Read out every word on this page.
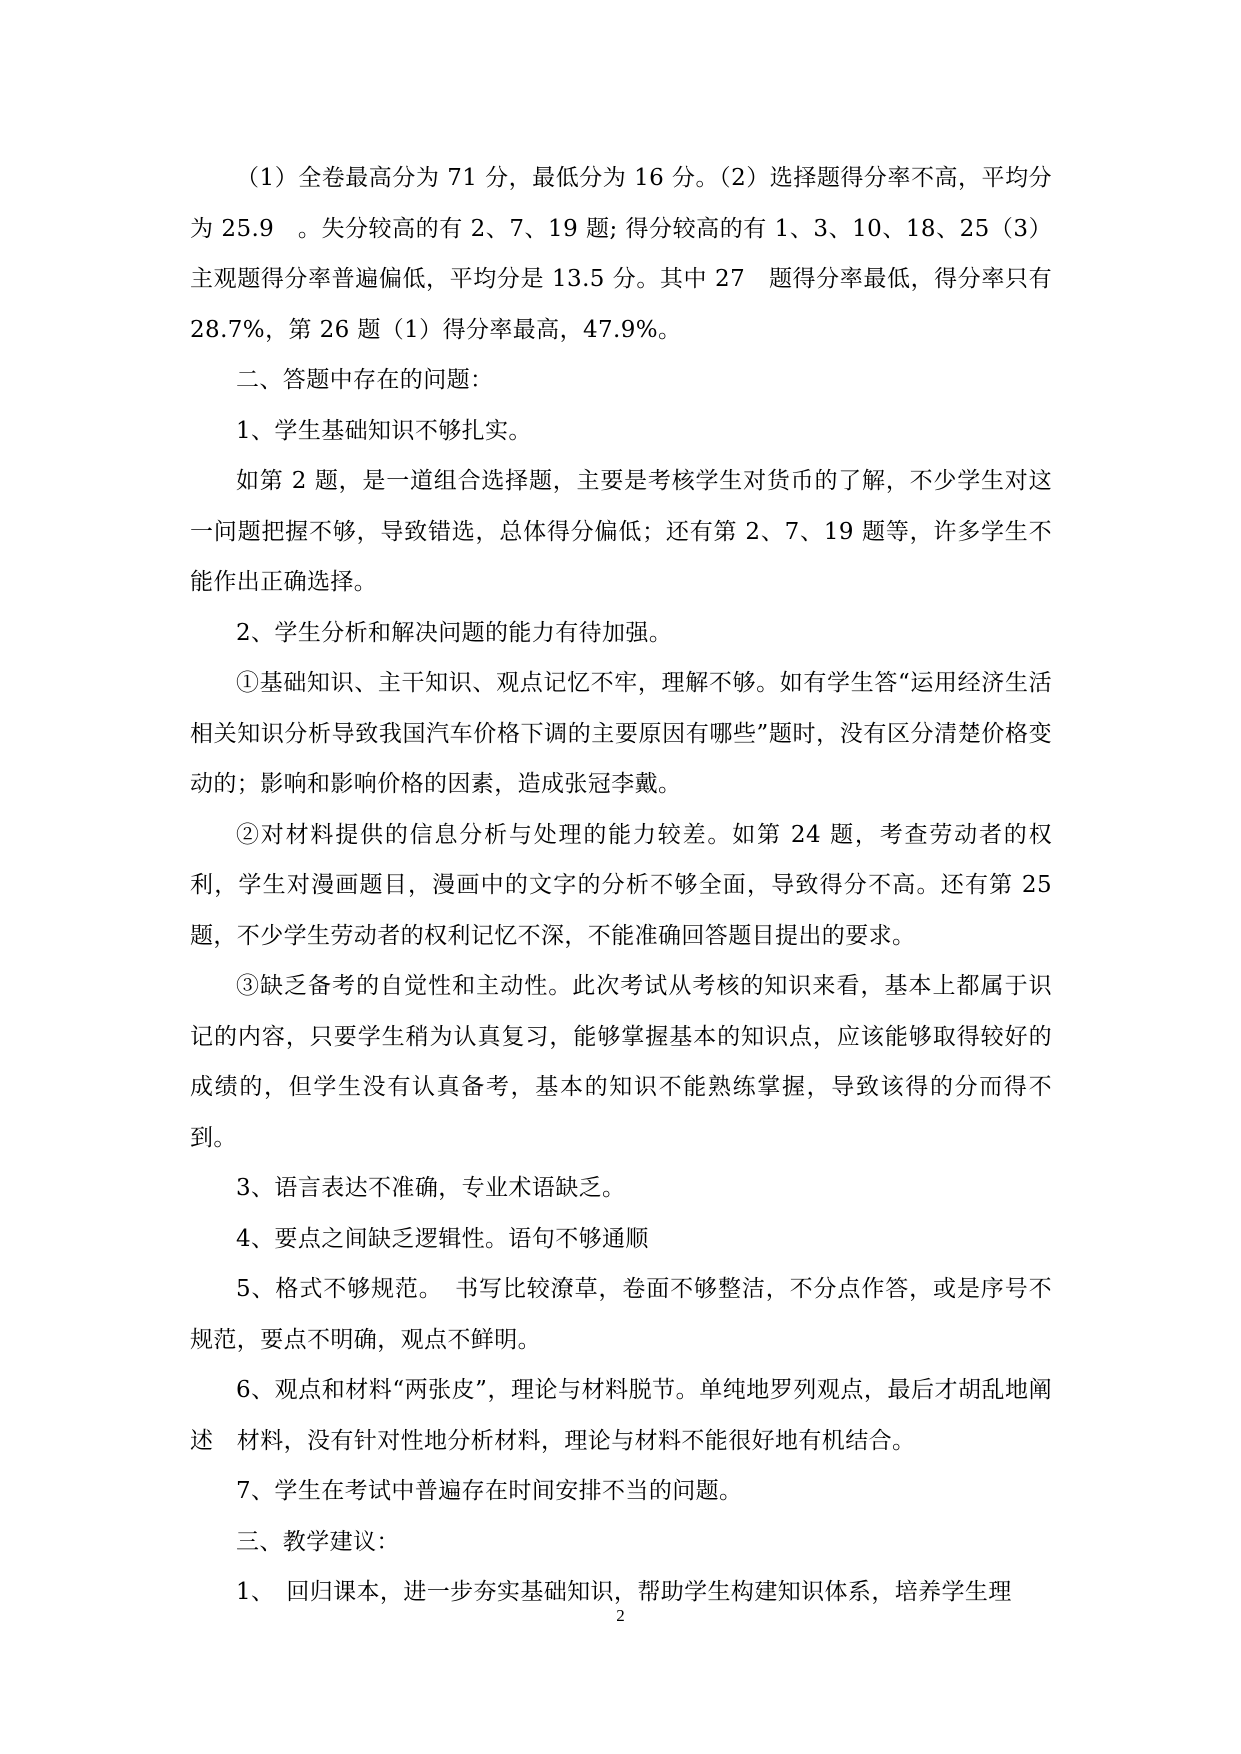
（1）全卷最高分为 71 分，最低分为 16 分。（2）选择题得分率不高，平均分为 25.9　。失分较高的有 2、7、19 题; 得分较高的有 1、3、10、18、25（3）主观题得分率普遍偏低，平均分是 13.5 分。其中 27　题得分率最低，得分率只有 28.7%，第 26 题（1）得分率最高，47.9%。

二、答题中存在的问题：

1、学生基础知识不够扎实。

如第 2 题，是一道组合选择题，主要是考核学生对货币的了解，不少学生对这一问题把握不够，导致错选，总体得分偏低；还有第 2、7、19 题等，许多学生不能作出正确选择。

2、学生分析和解决问题的能力有待加强。

①基础知识、主干知识、观点记忆不牢，理解不够。如有学生答“运用经济生活相关知识分析导致我国汽车价格下调的主要原因有哪些”题时，没有区分清楚价格变动的；影响和影响价格的因素，造成张冠李戴。

②对材料提供的信息分析与处理的能力较差。如第 24 题，考查劳动者的权利，学生对漫画题目，漫画中的文字的分析不够全面，导致得分不高。还有第 25 题，不少学生劳动者的权利记忆不深，不能准确回答题目提出的要求。

③缺乏备考的自觉性和主动性。此次考试从考核的知识来看，基本上都属于识记的内容，只要学生稍为认真复习，能够掌握基本的知识点，应该能够取得较好的成绩的，但学生没有认真备考，基本的知识不能熟练掌握，导致该得的分而得不到。

3、语言表达不准确，专业术语缺乏。

4、要点之间缺乏逻辑性。语句不够通顺

5、格式不够规范。　书写比较潦草，卷面不够整洁，不分点作答，或是序号不规范，要点不明确，观点不鲜明。

6、观点和材料“两张皮”，理论与材料脱节。单纯地罗列观点，最后才胡乱地阐述　材料，没有针对性地分析材料，理论与材料不能很好地有机结合。

7、学生在考试中普遍存在时间安排不当的问题。

三、教学建议：

1、　回归课本，进一步夯实基础知识，帮助学生构建知识体系，培养学生理

2
